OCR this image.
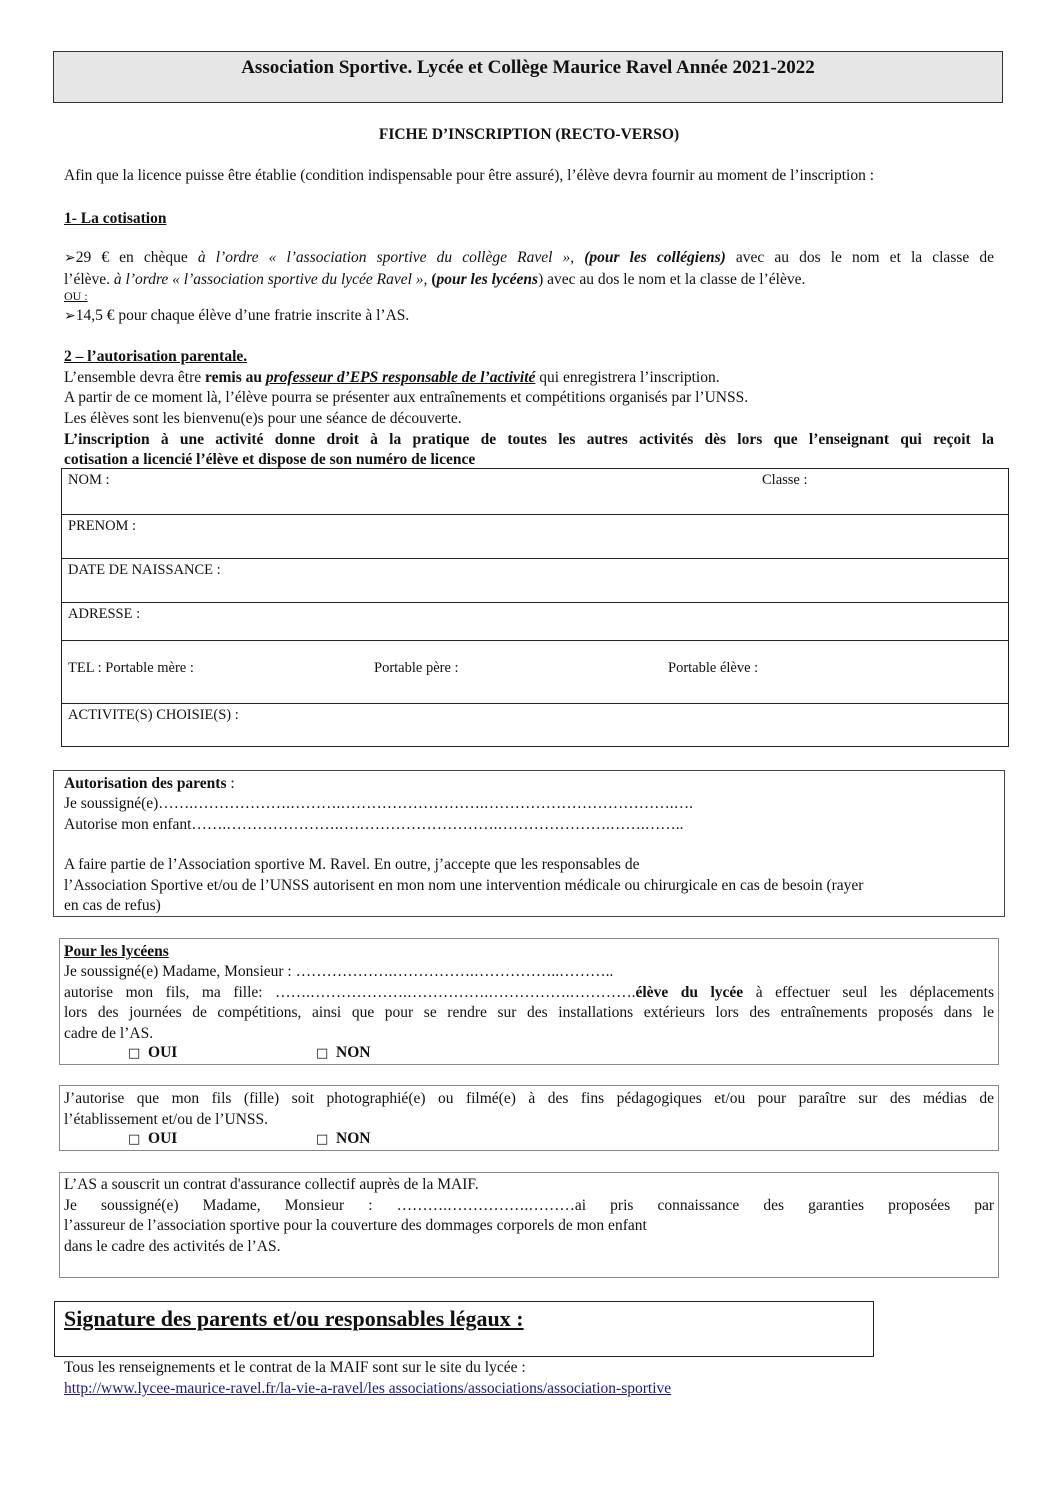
Association Sportive. Lycée et Collège Maurice Ravel Année 2021-2022
FICHE D’INSCRIPTION (RECTO-VERSO)
Afin que la licence puisse être établie (condition indispensable pour être assuré), l’élève devra fournir au moment de l’inscription :
1- La cotisation
➢29 € en chèque à l’ordre « l’association sportive du collège Ravel », (pour les collégiens) avec au dos le nom et la classe de
l’élève. à l’ordre « l’association sportive du lycée Ravel », (pour les lycéens) avec au dos le nom et la classe de l’élève.
OU :
➢14,5 € pour chaque élève d’une fratrie inscrite à l’AS.
2 – l’autorisation parentale.
L’ensemble devra être remis au professeur d’EPS responsable de l’activité qui enregistrera l’inscription.
A partir de ce moment là, l’élève pourra se présenter aux entraînements et compétitions organisés par l’UNSS.
Les élèves sont les bienvenu(e)s pour une séance de découverte.
L’inscription à une activité donne droit à la pratique de toutes les autres activités dès lors que l’enseignant qui reçoit la
cotisation a licencié l’élève et dispose de son numéro de licence
NOM :	Classe :
PRENOM :
DATE DE NAISSANCE :
ADRESSE :
TEL : Portable mère :	Portable père :	Portable élève :
ACTIVITE(S) CHOISIE(S) :
Autorisation des parents :
Je soussigné(e)…….……………….……….……………………….……………………………….….
Autorise mon enfant…….………………….………………………….………………….…….……..
A faire partie de l’Association sportive M. Ravel. En outre, j’accepte que les responsables de
l’Association Sportive et/ou de l’UNSS autorisent en mon nom une intervention médicale ou chirurgicale en cas de besoin (rayer
en cas de refus)
Pour les lycéens
Je soussigné(e) Madame, Monsieur : ……………….…………….……………..………..
autorise mon fils, ma fille: …….……………….…………….…………….………….élève du lycée à effectuer seul les déplacements
lors des journées de compétitions, ainsi que pour se rendre sur des installations extérieurs lors des entraînements proposés dans le
cadre de l’AS.
□ OUI	□ NON
J’autorise que mon fils (fille) soit photographié(e) ou filmé(e) à des fins pédagogiques et/ou pour paraître sur des médias de
l’établissement et/ou de l’UNSS.
□ OUI	□ NON
L’AS a souscrit un contrat d'assurance collectif auprès de la MAIF.
Je soussigné(e) Madame, Monsieur : ……….…………….………ai pris connaissance des garanties proposées par
l’assureur de l’association sportive pour la couverture des dommages corporels de mon enfant
dans le cadre des activités de l’AS.
Signature des parents et/ou responsables légaux :
Tous les renseignements et le contrat de la MAIF sont sur le site du lycée :
http://www.lycee-maurice-ravel.fr/la-vie-a-ravel/les associations/associations/association-sportive
